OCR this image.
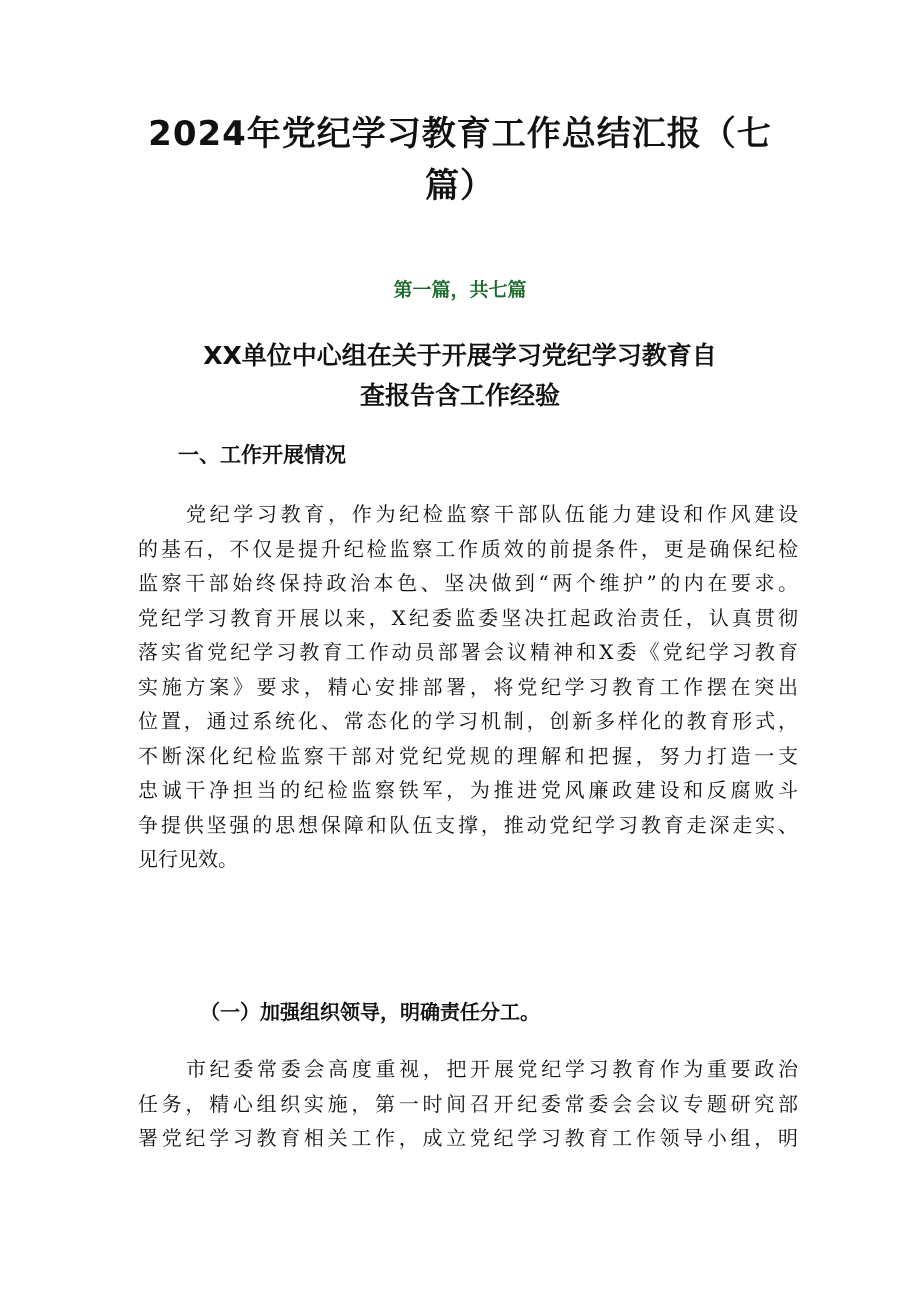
2024年党纪学习教育工作总结汇报（七
篇）

第一篇，共七篇

XX单位中心组在关于开展学习党纪学习教育自
查报告含工作经验
一、工作开展情况
党纪学习教育，作为纪检监察干部队伍能力建设和作风建设
的基石，不仅是提升纪检监察工作质效的前提条件，更是确保纪检
监察干部始终保持政治本色、坚决做到“两个维护”的内在要求。
党纪学习教育开展以来，X纪委监委坚决扛起政治责任，认真贯彻
落实省党纪学习教育工作动员部署会议精神和X委《党纪学习教育
实施方案》要求，精心安排部署，将党纪学习教育工作摆在突出
位置，通过系统化、常态化的学习机制，创新多样化的教育形式，
不断深化纪检监察干部对党纪党规的理解和把握，努力打造一支
忠诚干净担当的纪检监察铁军，为推进党风廉政建设和反腐败斗
争提供坚强的思想保障和队伍支撑，推动党纪学习教育走深走实、
见行见效。
（一）加强组织领导，明确责任分工。
市纪委常委会高度重视，把开展党纪学习教育作为重要政治
任务，精心组织实施，第一时间召开纪委常委会会议专题研究部
署党纪学习教育相关工作，成立党纪学习教育工作领导小组，明
